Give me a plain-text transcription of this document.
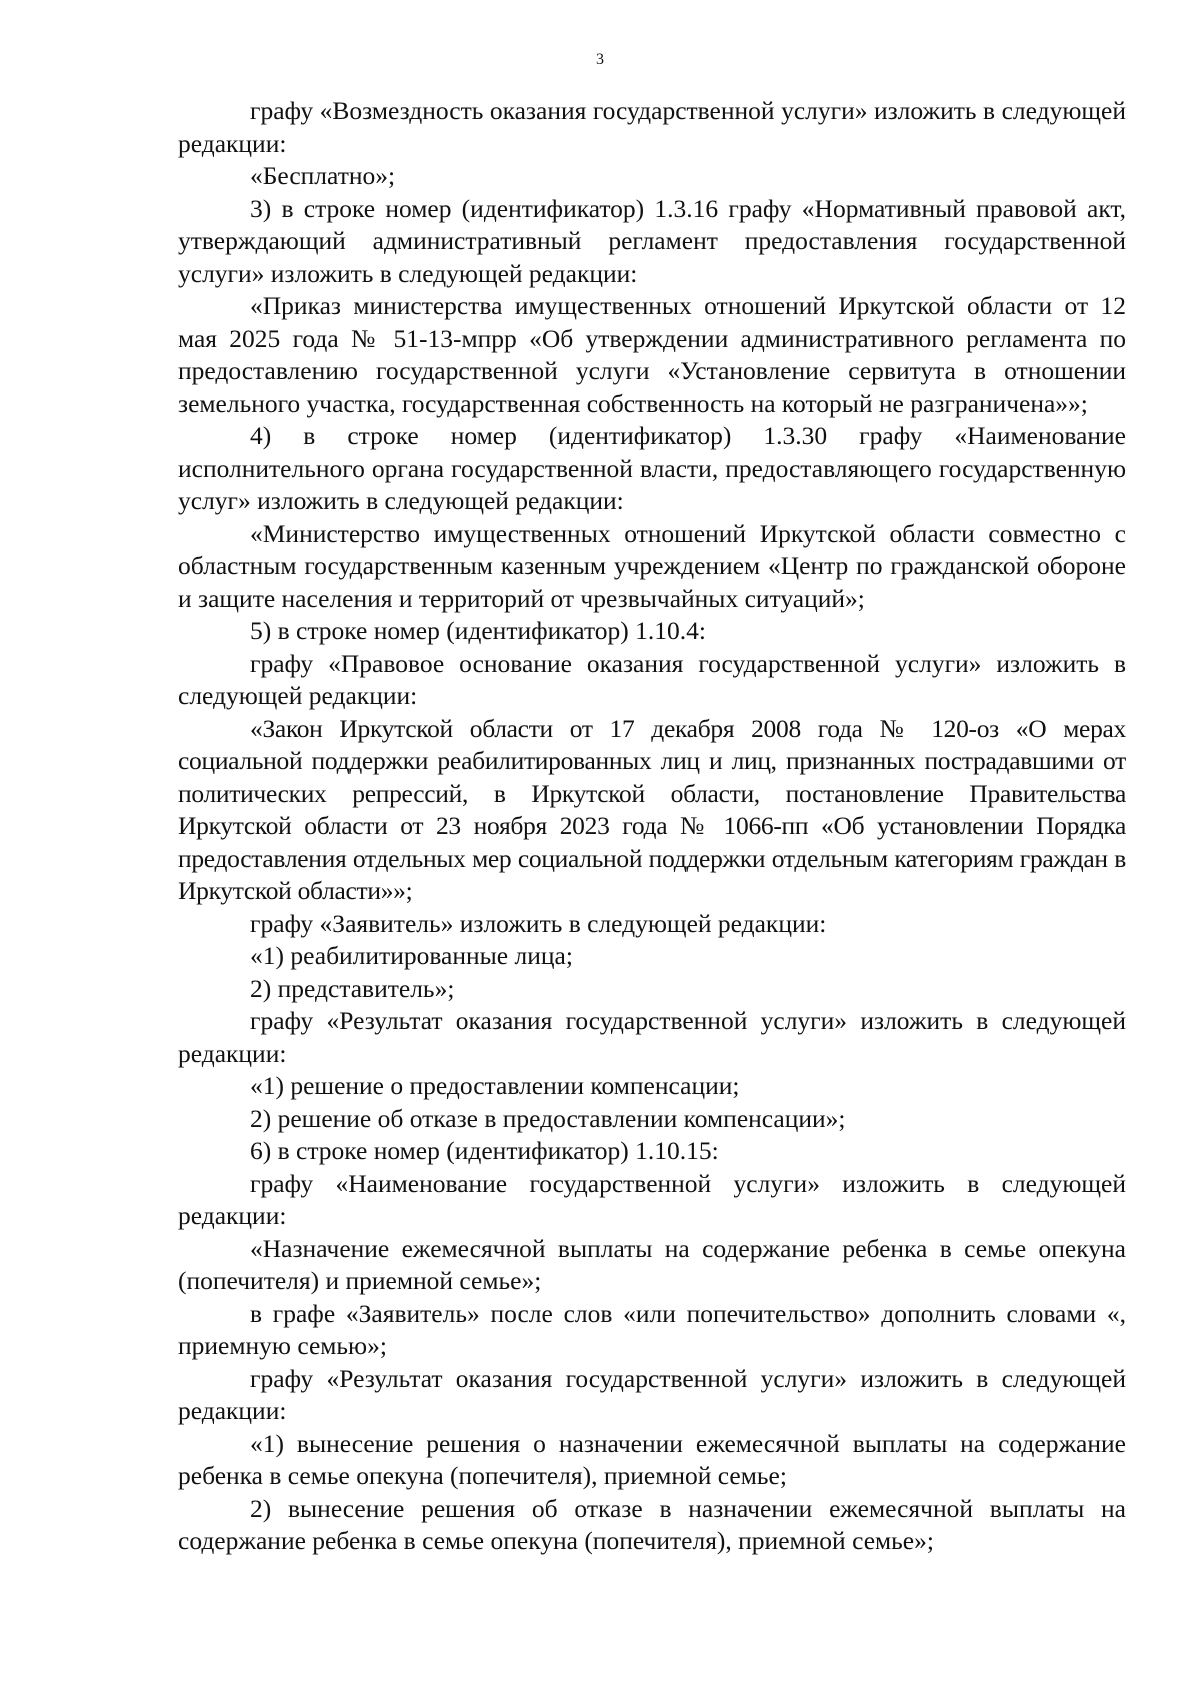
3

графу «Возмездность оказания государственной услуги» изложить в следующей редакции:

«Бесплатно»;

3) в строке номер (идентификатор) 1.3.16 графу «Нормативный правовой акт, утверждающий административный регламент предоставления государственной услуги» изложить в следующей редакции:

«Приказ министерства имущественных отношений Иркутской области от 12 мая 2025 года № 51-13-мпрр «Об утверждении административного регламента по предоставлению государственной услуги «Установление сервитута в отношении земельного участка, государственная собственность на который не разграничена»»;

4) в строке номер (идентификатор) 1.3.30 графу «Наименование исполнительного органа государственной власти, предоставляющего государственную услуг» изложить в следующей редакции:

«Министерство имущественных отношений Иркутской области совместно с областным государственным казенным учреждением «Центр по гражданской обороне и защите населения и территорий от чрезвычайных ситуаций»;

5) в строке номер (идентификатор) 1.10.4:

графу «Правовое основание оказания государственной услуги» изложить в следующей редакции:

«Закон Иркутской области от 17 декабря 2008 года № 120-оз «О мерах социальной поддержки реабилитированных лиц и лиц, признанных пострадавшими от политических репрессий, в Иркутской области, постановление Правительства Иркутской области от 23 ноября 2023 года № 1066-пп «Об установлении Порядка предоставления отдельных мер социальной поддержки отдельным категориям граждан в Иркутской области»»;

графу «Заявитель» изложить в следующей редакции:

«1) реабилитированные лица;

2) представитель»;

графу «Результат оказания государственной услуги» изложить в следующей редакции:

«1) решение о предоставлении компенсации;

2) решение об отказе в предоставлении компенсации»;

6) в строке номер (идентификатор) 1.10.15:

графу «Наименование государственной услуги» изложить в следующей редакции:

«Назначение ежемесячной выплаты на содержание ребенка в семье опекуна (попечителя) и приемной семье»;

в графе «Заявитель» после слов «или попечительство» дополнить словами «, приемную семью»;

графу «Результат оказания государственной услуги» изложить в следующей редакции:

«1) вынесение решения о назначении ежемесячной выплаты на содержание ребенка в семье опекуна (попечителя), приемной семье;

2) вынесение решения об отказе в назначении ежемесячной выплаты на содержание ребенка в семье опекуна (попечителя), приемной семье»;
